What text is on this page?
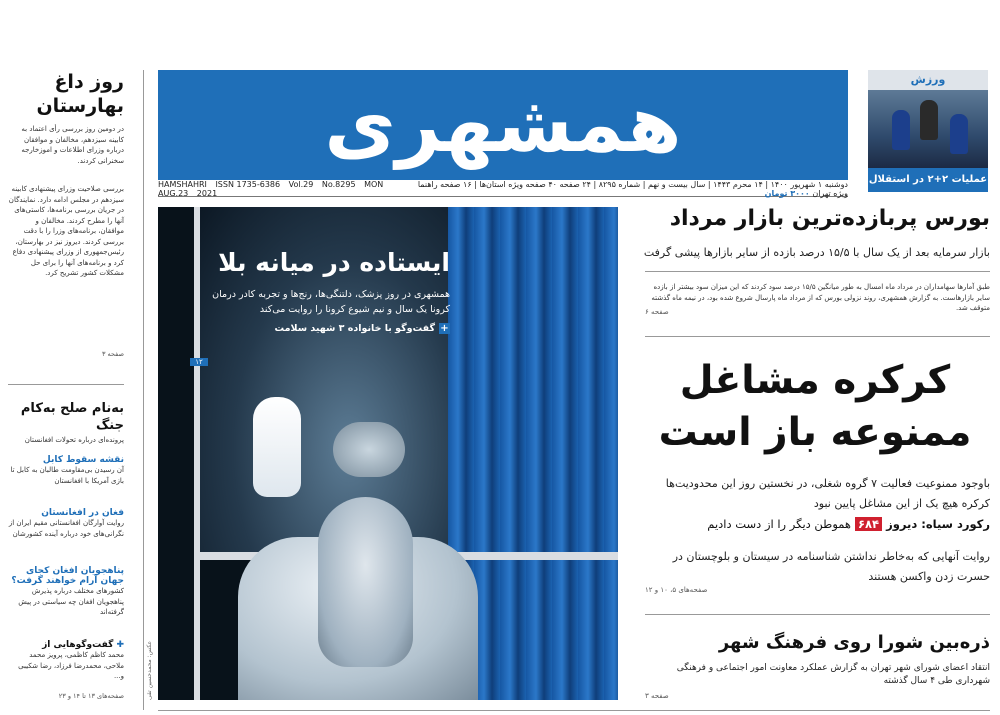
همشهری
HAMSHAHRI ISSN 1735-6386 Vol.29 No.8295 MON AUG.23 2021
دوشنبه ۱ شهریور ۱۴۰۰ | ۱۴ محرم ۱۴۴۳ | سال بیست و نهم | شماره ۸۲۹۵ | ۲۴ صفحه ۴۰ صفحه ویژه استان‌ها | ۱۶ صفحه راهنما ویژه تهران ۳۰۰۰ تومان
ورزش
عملیات ۲+۲ در استقلال
روز داغ بهارستان
در دومین روز بررسی رأی اعتماد به کابینه سیزدهم، مخالفان و موافقان درباره وزرای اطلاعات و اموزخارجه سخنرانی کردند.
بررسی صلاحیت وزرای پیشنهادی کابینه سیزدهم در مجلس ادامه دارد. نمایندگان در جریان بررسی برنامه‌ها، کاستی‌های آنها را مطرح کردند. مخالفان و موافقان، برنامه‌های وزرا را با دقت بررسی کردند. دیروز نیز در بهارستان، رئیس‌جمهوری از وزرای پیشنهادی دفاع کرد و برنامه‌های آنها را برای حل مشکلات کشور تشریح کرد.
صفحه ۳
به‌نام صلح به‌کام جنگ
پرونده‌ای درباره تحولات افغانستان
نقشه سقوط کابل
آن رسیدن بی‌مقاومت طالبان به کابل تا بازی آمریکا با افغانستان
فغان در افغانستان
روایت آوارگان افغانستانی مقیم ایران از نگرانی‌های خود درباره آینده کشورشان
پناهجویان افغان کجای جهان آرام خواهند گرفت؟
کشورهای مختلف درباره پذیرش پناهجویان افغان چه سیاستی در پیش گرفته‌اند
✚ گفت‌وگوهایی از
محمد کاظم کاظمی، پرویز محمد ملاحی، محمدرضا فرزاد، رضا شکیبی و...
صفحه‌های ۱۳ تا ۱۴ و ۲۳
ایستاده در میانه بلا
همشهری در روز پزشک، دلتنگی‌ها، رنج‌ها و تجربه کادر درمان کرونا یک سال و نیم شیوع کرونا را روایت می‌کند
+گفت‌وگو با خانواده ۳ شهید سلامت
۱۲
عکس: محمدحسین تقی
بورس پربازده‌ترین بازار مرداد
بازار سرمایه بعد از یک سال با ۱۵/۵ درصد بازده از سایر بازارها پیشی گرفت
طبق آمارها سهامداران در مرداد ماه امسال به طور میانگین ۱۵/۵ درصد سود کردند که این میزان سود بیشتر از بازده سایر بازارهاست. به گزارش همشهری، روند نزولی بورس که از مرداد ماه پارسال شروع شده بود، در نیمه ماه گذشته متوقف شد.
صفحه ۶
کرکره مشاغل ممنوعه باز است
باوجود ممنوعیت فعالیت ۷ گروه شغلی، در نخستین روز این محدودیت‌ها کرکره هیچ یک از این مشاغل پایین نبود
رکورد سیاه: دیروز ۶۸۴ هموطن دیگر را از دست دادیم
روایت آنهایی که به‌خاطر نداشتن شناسنامه در سیستان و بلوچستان در حسرت زدن واکسن هستند
صفحه‌های ۵، ۱۰ و ۱۲
ذره‌بین شورا روی فرهنگ شهر
انتقاد اعضای شورای شهر تهران به گزارش عملکرد معاونت امور اجتماعی و فرهنگی شهرداری طی ۴ سال گذشته
صفحه ۳
